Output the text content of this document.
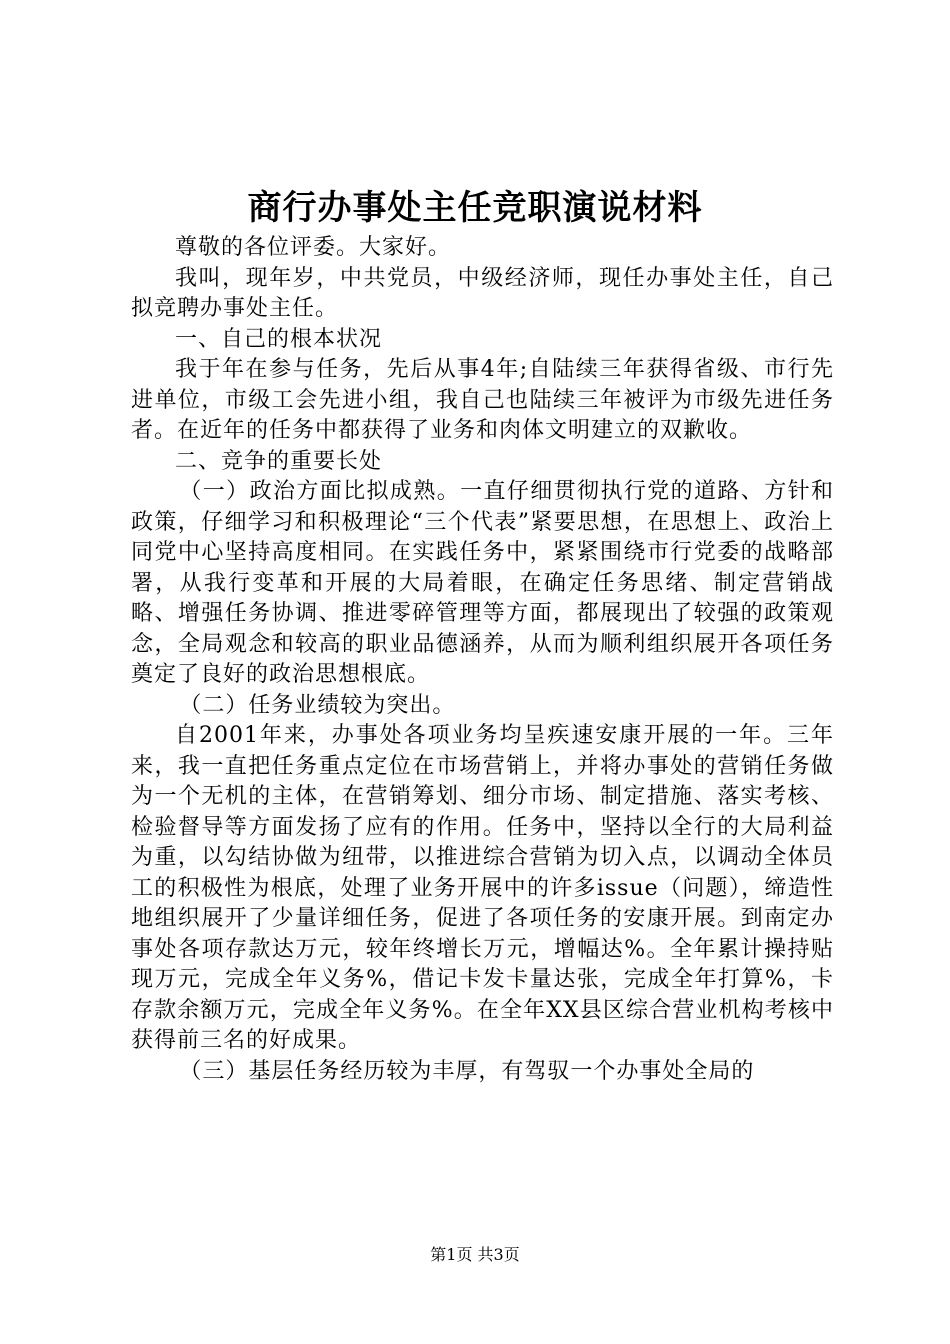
商行办事处主任竞职演说材料

尊敬的各位评委。大家好。

我叫，现年岁，中共党员，中级经济师，现任办事处主任，自己拟竞聘办事处主任。

一、自己的根本状况

我于年在参与任务，先后从事4年;自陆续三年获得省级、市行先进单位，市级工会先进小组，我自己也陆续三年被评为市级先进任务者。在近年的任务中都获得了业务和肉体文明建立的双歉收。

二、竞争的重要长处

（一）政治方面比拟成熟。一直仔细贯彻执行党的道路、方针和政策，仔细学习和积极理论“三个代表”紧要思想，在思想上、政治上同党中心坚持高度相同。在实践任务中，紧紧围绕市行党委的战略部署，从我行变革和开展的大局着眼，在确定任务思绪、制定营销战略、增强任务协调、推进零碎管理等方面，都展现出了较强的政策观念，全局观念和较高的职业品德涵养，从而为顺利组织展开各项任务奠定了良好的政治思想根底。

（二）任务业绩较为突出。

自2001年来，办事处各项业务均呈疾速安康开展的一年。三年来，我一直把任务重点定位在市场营销上，并将办事处的营销任务做为一个无机的主体，在营销筹划、细分市场、制定措施、落实考核、检验督导等方面发扬了应有的作用。任务中，坚持以全行的大局利益为重，以勾结协做为纽带，以推进综合营销为切入点，以调动全体员工的积极性为根底，处理了业务开展中的许多issue（问题），缔造性地组织展开了少量详细任务，促进了各项任务的安康开展。到南定办事处各项存款达万元，较年终增长万元，增幅达%。全年累计操持贴现万元，完成全年义务%，借记卡发卡量达张，完成全年打算%，卡存款余额万元，完成全年义务%。在全年XX县区综合营业机构考核中获得前三名的好成果。

（三）基层任务经历较为丰厚，有驾驭一个办事处全局的

第1页 共3页
